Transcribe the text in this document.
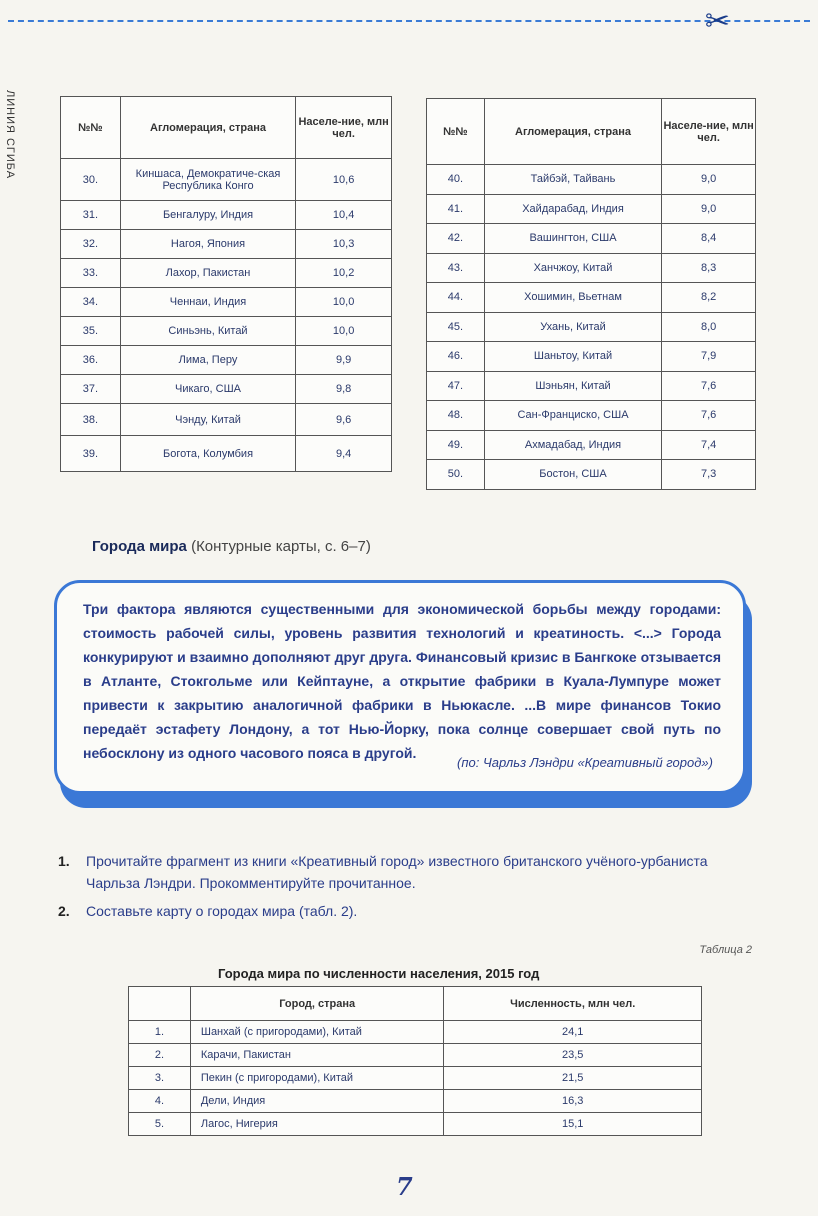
✂
ЛИНИЯ СГИБА	№№	Агломерация, страна	Населе-ние, млн чел.
30.	Киншаса, Демократиче-ская Республика Конго	10,6
31.	Бенгалуру, Индия	10,4
32.	Нагоя, Япония	10,3
33.	Лахор, Пакистан	10,2
34.	Ченнаи, Индия	10,0
35.	Синьэнь, Китай	10,0
36.	Лима, Перу	9,9
37.	Чикаго, США	9,8
38.	Чэнду, Китай	9,6
39.	Богота, Колумбия	9,4
№№	Агломерация, страна	Населе-ние, млн чел.
40.	Тайбэй, Тайвань	9,0
41.	Хайдарабад, Индия	9,0
42.	Вашингтон, США	8,4
43.	Ханчжоу, Китай	8,3
44.	Хошимин, Вьетнам	8,2
45.	Ухань, Китай	8,0
46.	Шаньтоу, Китай	7,9
47.	Шэньян, Китай	7,6
48.	Сан-Франциско, США	7,6
49.	Ахмадабад, Индия	7,4
50.	Бостон, США	7,3
Города мира (Контурные карты, с. 6–7)

Три фактора являются существенными для экономической борьбы между городами: стоимость рабочей силы, уровень развития технологий и креатиность. <...> Города конкурируют и взаимно дополняют друг друга. Финансовый кризис в Бангкоке отзывается в Атланте, Стокгольме или Кейптауне, а открытие фабрики в Куала-Лумпуре может привести к закрытию аналогичной фабрики в Ньюкасле. ...В мире финансов Токио передаёт эстафету Лондону, а тот Нью-Йорку, пока солнце совершает свой путь по небосклону из одного часового пояса в другой.

(по: Чарльз Лэндри «Креативный город»)
1. Прочитайте фрагмент из книги «Креативный город» известного британского учёного-урбаниста Чарльза Лэндри. Прокомментируйте прочитанное.
2. Составьте карту о городах мира (табл. 2).
Таблица 2
Города мира по численности населения, 2015 год
	Город, страна	Численность, млн чел.
1.	Шанхай (с пригородами), Китай	24,1
2.	Карачи, Пакистан	23,5
3.	Пекин (с пригородами), Китай	21,5
4.	Дели, Индия	16,3
5.	Лагос, Нигерия	15,1
7
